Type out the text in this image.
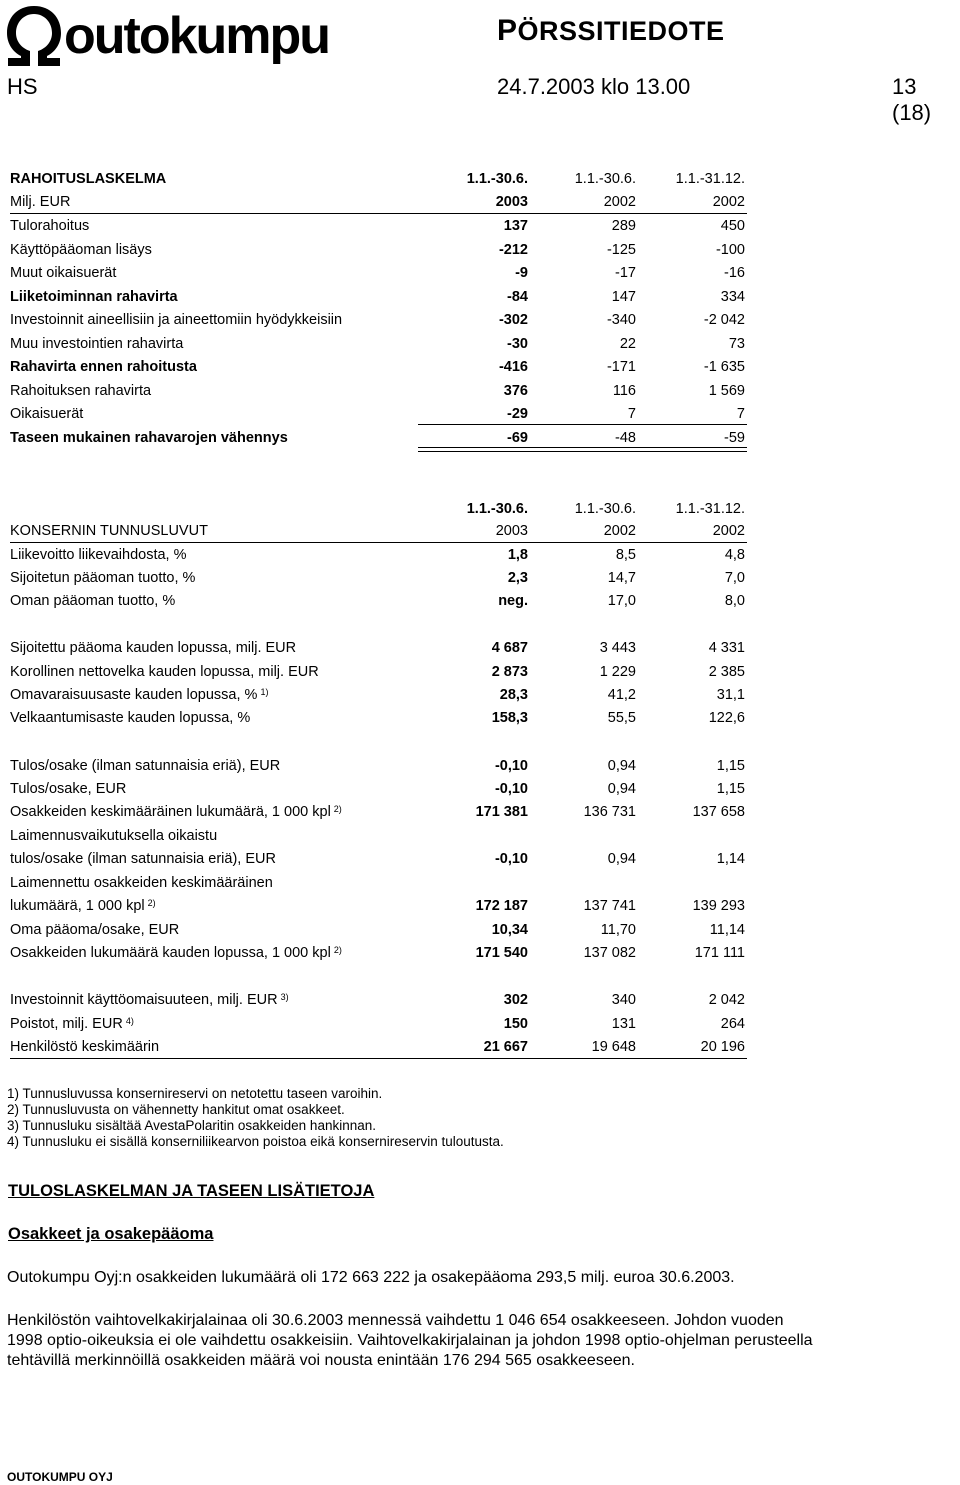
outokumpu	PÖRSSITIEDOTE
HS	24.7.2003 klo 13.00	13 (18)
RAHOITUSLASKELMA	1.1.-30.6.	1.1.-30.6.	1.1.-31.12.
Milj. EUR	2003	2002	2002
Tulorahoitus	137	289	450
Käyttöpääoman lisäys	-212	-125	-100
Muut oikaisuerät	-9	-17	-16
Liiketoiminnan rahavirta	-84	147	334
Investoinnit aineellisiin ja aineettomiin hyödykkeisiin	-302	-340	-2 042
Muu investointien rahavirta	-30	22	73
Rahavirta ennen rahoitusta	-416	-171	-1 635
Rahoituksen rahavirta	376	116	1 569
Oikaisuerät	-29	7	7
Taseen mukainen rahavarojen vähennys	-69	-48	-59
1.1.-30.6.	1.1.-30.6.	1.1.-31.12.
KONSERNIN TUNNUSLUVUT	2003	2002	2002
Liikevoitto liikevaihdosta, %	1,8	8,5	4,8
Sijoitetun pääoman tuotto, %	2,3	14,7	7,0
Oman pääoman tuotto, %	neg.	17,0	8,0
Sijoitettu pääoma kauden lopussa, milj. EUR	4 687	3 443	4 331
Korollinen nettovelka kauden lopussa, milj. EUR	2 873	1 229	2 385
Omavaraisuusaste kauden lopussa, % $^{1)}$	28,3	41,2	31,1
Velkaantumisaste kauden lopussa, %	158,3	55,5	122,6
Tulos/osake (ilman satunnaisia eriä), EUR	-0,10	0,94	1,15
Tulos/osake, EUR	-0,10	0,94	1,15
Osakkeiden keskimääräinen lukumäärä, 1 000 kpl $^{2)}$	171 381	136 731	137 658
Laimennusvaikutuksella oikaistu
tulos/osake (ilman satunnaisia eriä), EUR	-0,10	0,94	1,14
Laimennettu osakkeiden keskimääräinen
lukumäärä, 1 000 kpl $^{2)}$	172 187	137 741	139 293
Oma pääoma/osake, EUR	10,34	11,70	11,14
Osakkeiden lukumäärä kauden lopussa, 1 000 kpl $^{2)}$	171 540	137 082	171 111
Investoinnit käyttöomaisuuteen, milj. EUR $^{3)}$	302	340	2 042
Poistot, milj. EUR $^{4)}$	150	131	264
Henkilöstö keskimäärin	21 667	19 648	20 196
1) Tunnusluvussa konsernireservi on netotettu taseen varoihin.
2) Tunnusluvusta on vähennetty hankitut omat osakkeet.
3) Tunnusluku sisältää AvestaPolaritin osakkeiden hankinnan.
4) Tunnusluku ei sisällä konserniliikearvon poistoa eikä konsernireservin tuloutusta.
TULOSLASKELMAN JA TASEEN LISÄTIETOJA
Osakkeet ja osakepääoma
Outokumpu Oyj:n osakkeiden lukumäärä oli 172 663 222 ja osakepääoma 293,5 milj. euroa 30.6.2003.
Henkilöstön vaihtovelkakirjalainaa oli 30.6.2003 mennessä vaihdettu 1 046 654 osakkeeseen. Johdon vuoden
1998 optio-oikeuksia ei ole vaihdettu osakkeisiin. Vaihtovelkakirjalainan ja johdon 1998 optio-ohjelman perusteella
tehtävillä merkinnöillä osakkeiden määrä voi nousta enintään 176 294 565 osakkeeseen.
OUTOKUMPU OYJ
